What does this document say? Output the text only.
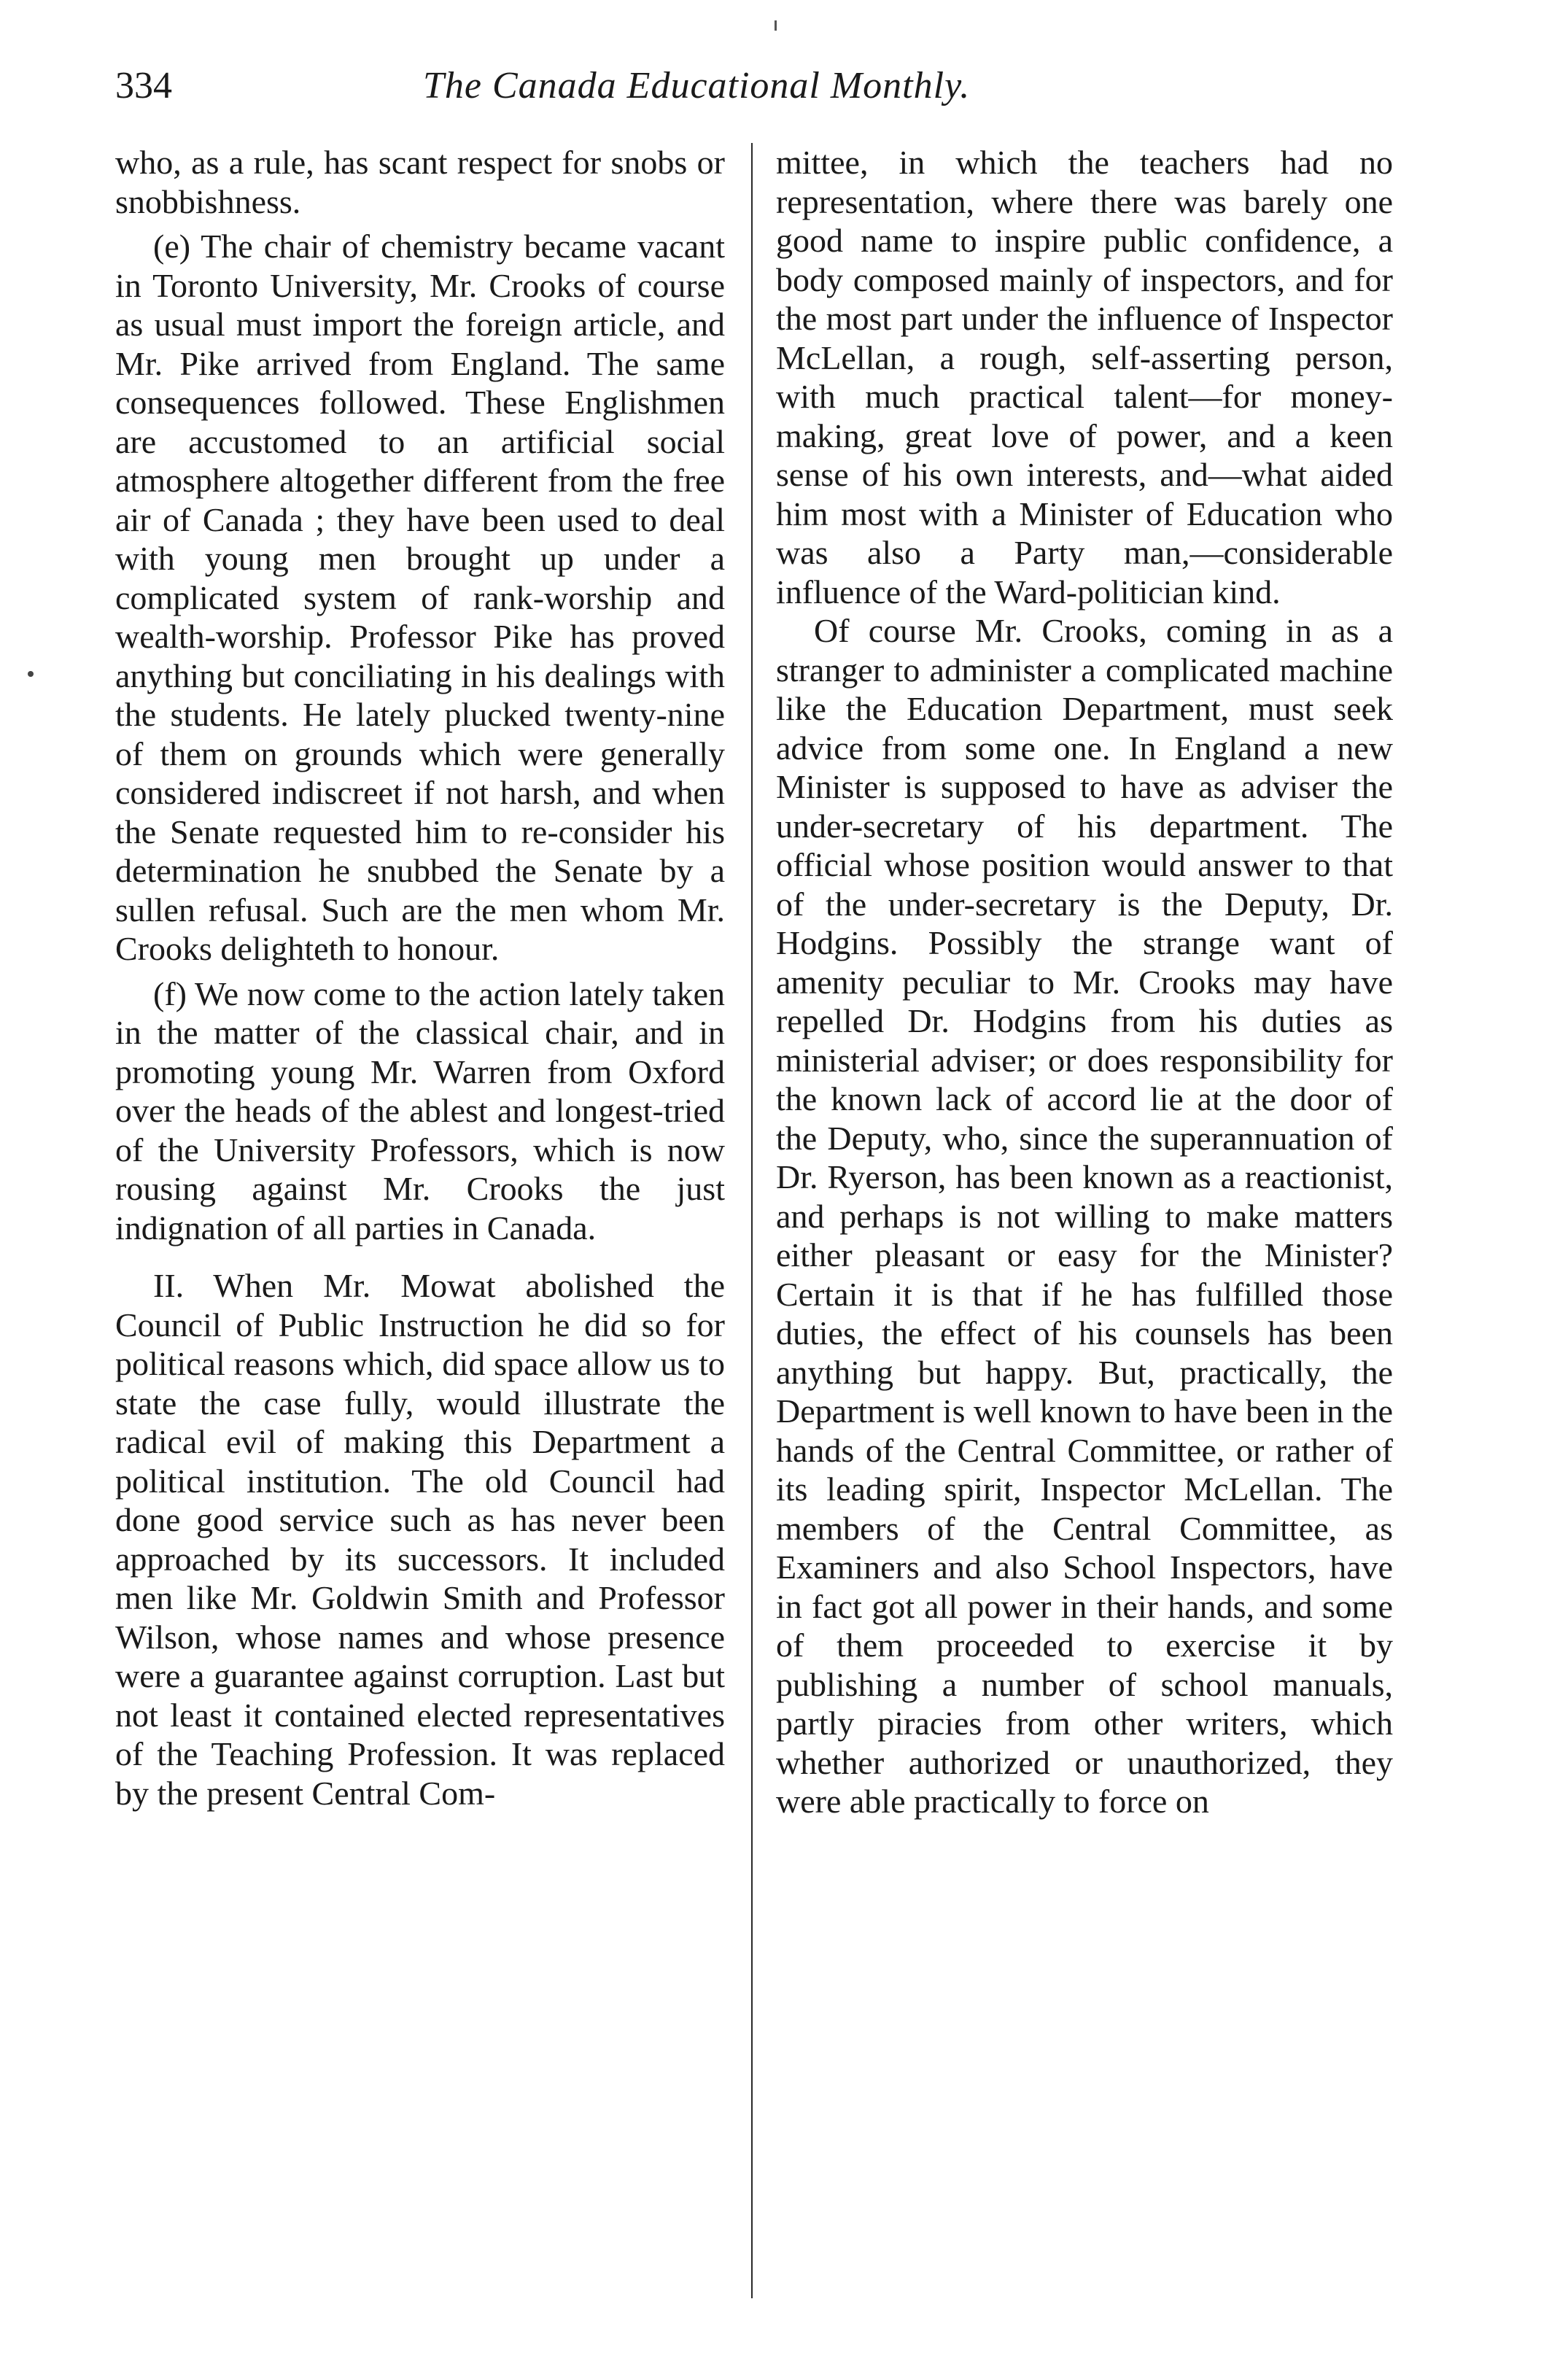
334	The Canada Educational Monthly.

who, as a rule, has scant respect for snobs or snobbishness.

(e) The chair of chemistry became vacant in Toronto University, Mr. Crooks of course as usual must import the foreign article, and Mr. Pike arrived from England. The same consequences followed. These Englishmen are accustomed to an artificial social atmosphere altogether different from the free air of Canada ; they have been used to deal with young men brought up under a complicated system of rank-worship and wealth-worship. Professor Pike has proved anything but conciliating in his dealings with the students. He lately plucked twenty-nine of them on grounds which were generally considered indiscreet if not harsh, and when the Senate requested him to re-consider his determination he snubbed the Senate by a sullen refusal. Such are the men whom Mr. Crooks delighteth to honour.

(f) We now come to the action lately taken in the matter of the classical chair, and in promoting young Mr. Warren from Oxford over the heads of the ablest and longest-tried of the University Professors, which is now rousing against Mr. Crooks the just indignation of all parties in Canada.

II. When Mr. Mowat abolished the Council of Public Instruction he did so for political reasons which, did space allow us to state the case fully, would illustrate the radical evil of making this Department a political institution. The old Council had done good service such as has never been approached by its successors. It included men like Mr. Goldwin Smith and Professor Wilson, whose names and whose presence were a guarantee against corruption. Last but not least it contained elected representatives of the Teaching Profession. It was replaced by the present Central Com-

mittee, in which the teachers had no representation, where there was barely one good name to inspire public confidence, a body composed mainly of inspectors, and for the most part under the influence of Inspector McLellan, a rough, self-asserting person, with much practical talent—for money-making, great love of power, and a keen sense of his own interests, and—what aided him most with a Minister of Education who was also a Party man,—considerable influence of the Ward-politician kind.

Of course Mr. Crooks, coming in as a stranger to administer a complicated machine like the Education Department, must seek advice from some one. In England a new Minister is supposed to have as adviser the under-secretary of his department. The official whose position would answer to that of the under-secretary is the Deputy, Dr. Hodgins. Possibly the strange want of amenity peculiar to Mr. Crooks may have repelled Dr. Hodgins from his duties as ministerial adviser; or does responsibility for the known lack of accord lie at the door of the Deputy, who, since the superannuation of Dr. Ryerson, has been known as a reactionist, and perhaps is not willing to make matters either pleasant or easy for the Minister? Certain it is that if he has fulfilled those duties, the effect of his counsels has been anything but happy. But, practically, the Department is well known to have been in the hands of the Central Committee, or rather of its leading spirit, Inspector McLellan. The members of the Central Committee, as Examiners and also School Inspectors, have in fact got all power in their hands, and some of them proceeded to exercise it by publishing a number of school manuals, partly piracies from other writers, which whether authorized or unauthorized, they were able practically to force on
